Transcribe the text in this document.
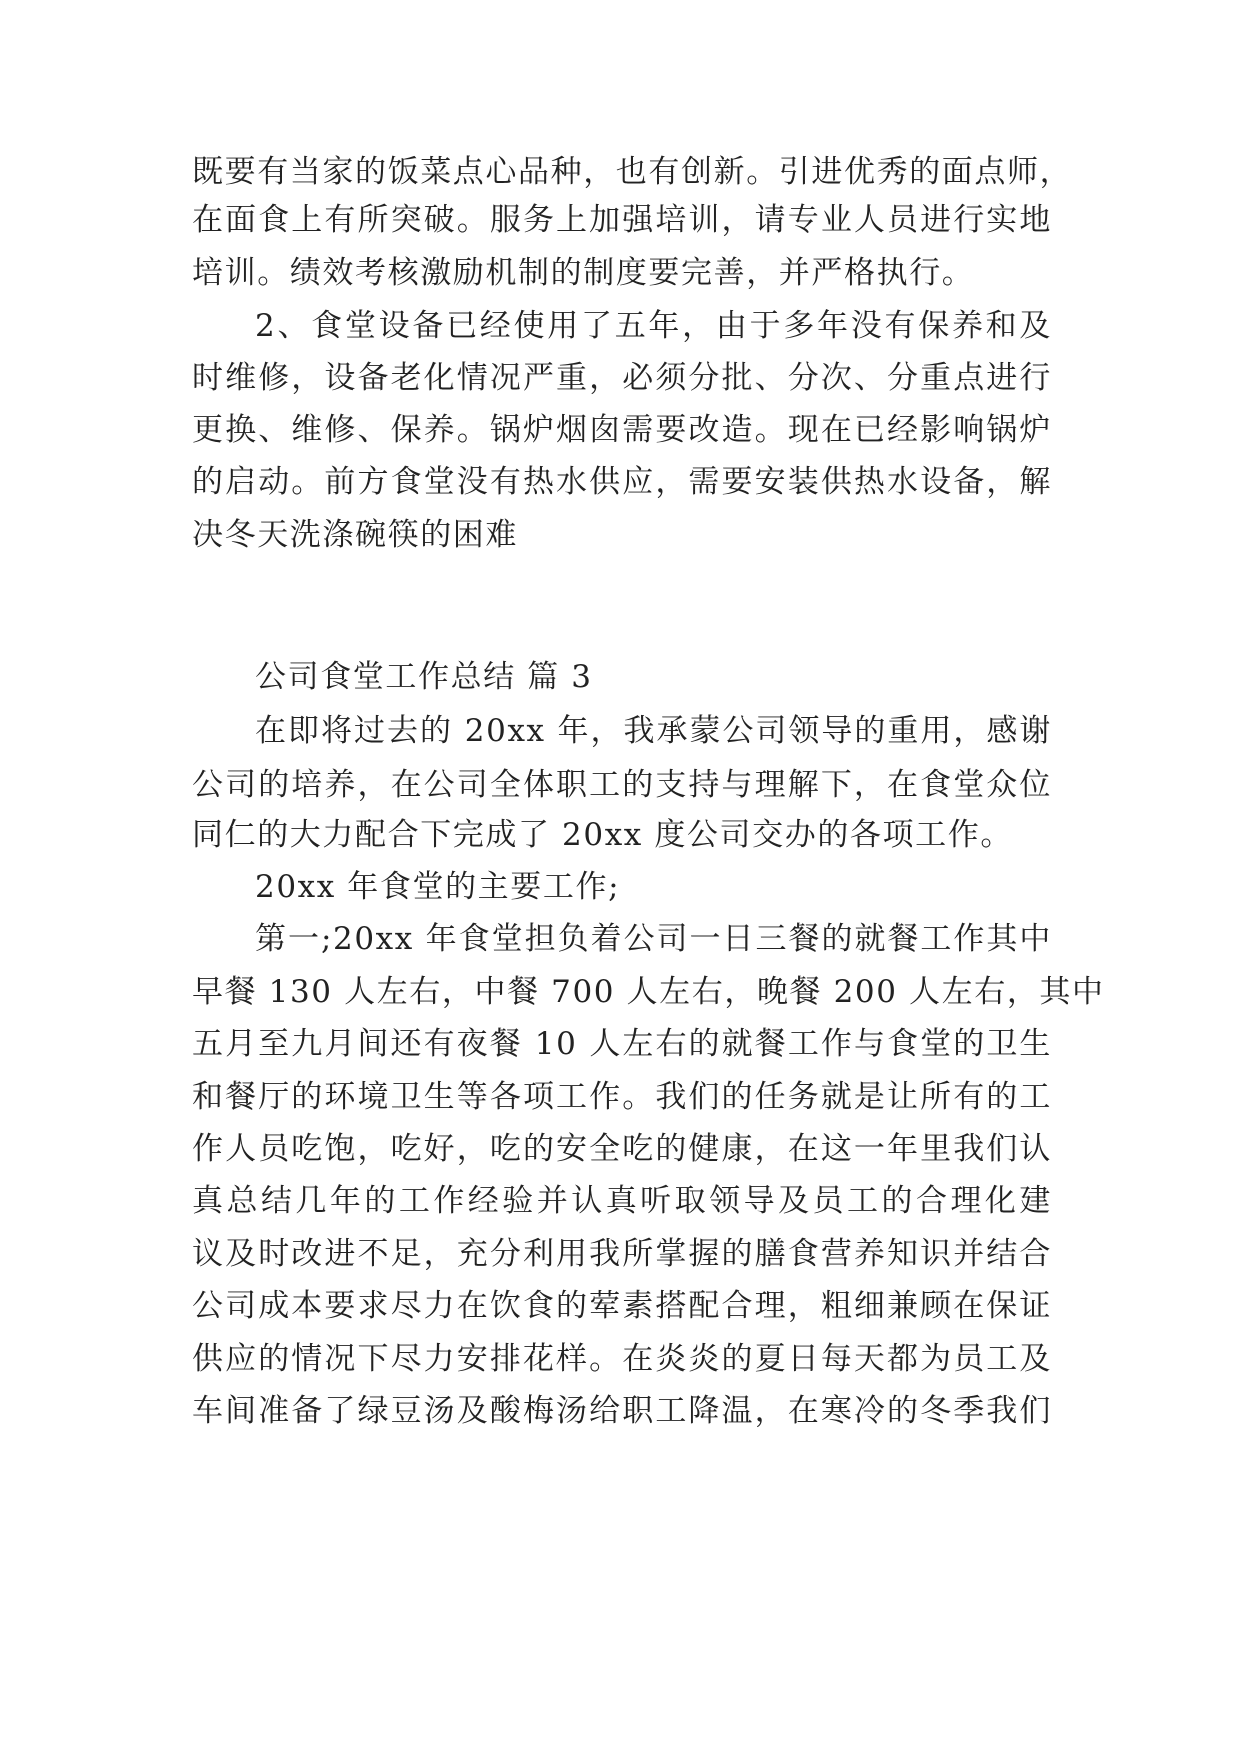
既要有当家的饭菜点心品种，也有创新。引进优秀的面点师，
在面食上有所突破。服务上加强培训，请专业人员进行实地
培训。绩效考核激励机制的制度要完善，并严格执行。
2、食堂设备已经使用了五年，由于多年没有保养和及
时维修，设备老化情况严重，必须分批、分次、分重点进行
更换、维修、保养。锅炉烟囱需要改造。现在已经影响锅炉
的启动。前方食堂没有热水供应，需要安装供热水设备，解
决冬天洗涤碗筷的困难
公司食堂工作总结 篇 3
在即将过去的 20xx 年，我承蒙公司领导的重用，感谢
公司的培养，在公司全体职工的支持与理解下，在食堂众位
同仁的大力配合下完成了 20xx 度公司交办的各项工作。
20xx 年食堂的主要工作;
第一;20xx 年食堂担负着公司一日三餐的就餐工作其中
早餐 130 人左右，中餐 700 人左右，晚餐 200 人左右，其中
五月至九月间还有夜餐 10 人左右的就餐工作与食堂的卫生
和餐厅的环境卫生等各项工作。我们的任务就是让所有的工
作人员吃饱，吃好，吃的安全吃的健康，在这一年里我们认
真总结几年的工作经验并认真听取领导及员工的合理化建
议及时改进不足，充分利用我所掌握的膳食营养知识并结合
公司成本要求尽力在饮食的荤素搭配合理，粗细兼顾在保证
供应的情况下尽力安排花样。在炎炎的夏日每天都为员工及
车间准备了绿豆汤及酸梅汤给职工降温，在寒冷的冬季我们
